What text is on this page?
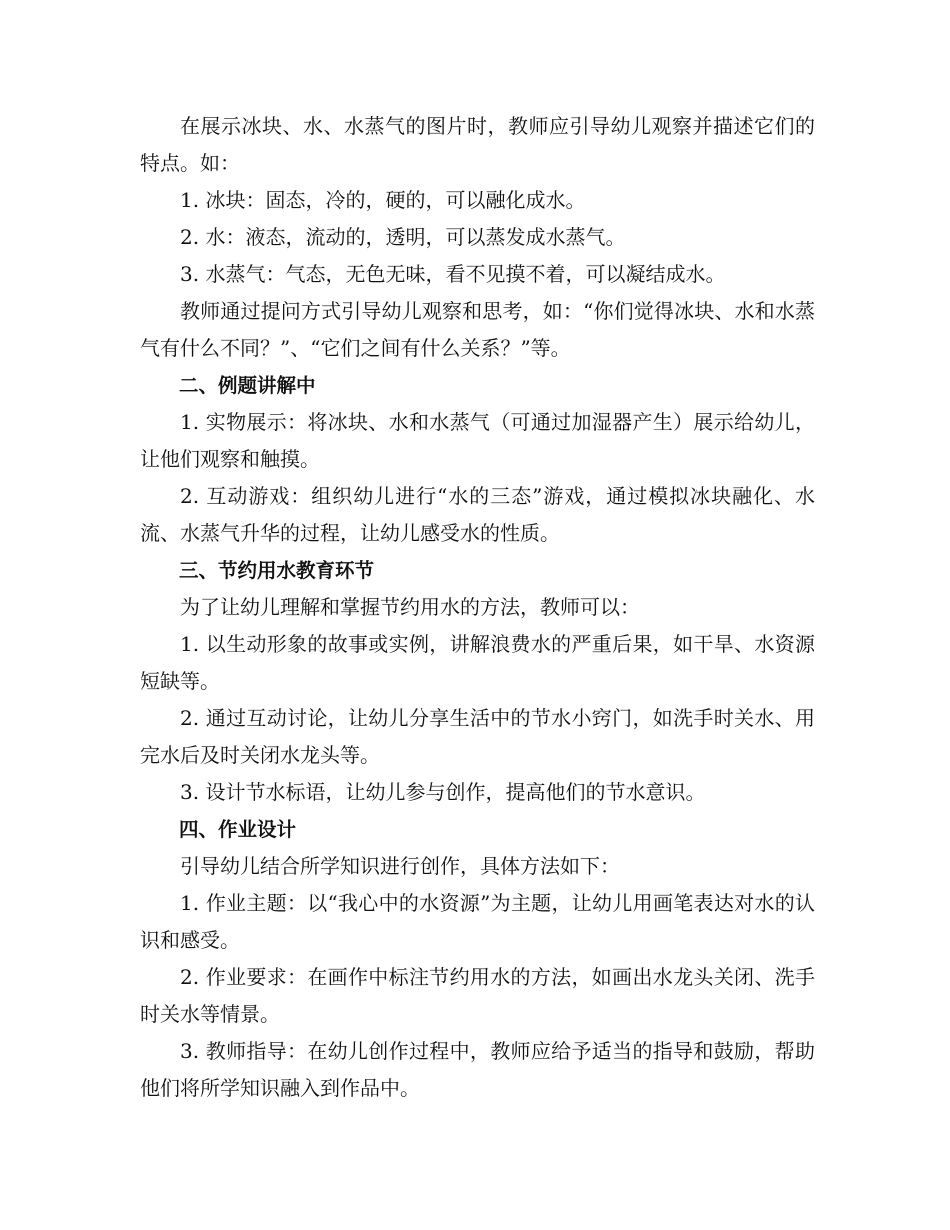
在展示冰块、水、水蒸气的图片时，教师应引导幼儿观察并描述它们的特点。如：

1. 冰块：固态，冷的，硬的，可以融化成水。

2. 水：液态，流动的，透明，可以蒸发成水蒸气。

3. 水蒸气：气态，无色无味，看不见摸不着，可以凝结成水。

教师通过提问方式引导幼儿观察和思考，如：“你们觉得冰块、水和水蒸气有什么不同？”、“它们之间有什么关系？”等。

二、例题讲解中

1. 实物展示：将冰块、水和水蒸气（可通过加湿器产生）展示给幼儿，让他们观察和触摸。

2. 互动游戏：组织幼儿进行“水的三态”游戏，通过模拟冰块融化、水流、水蒸气升华的过程，让幼儿感受水的性质。

三、节约用水教育环节

为了让幼儿理解和掌握节约用水的方法，教师可以：

1. 以生动形象的故事或实例，讲解浪费水的严重后果，如干旱、水资源短缺等。

2. 通过互动讨论，让幼儿分享生活中的节水小窍门，如洗手时关水、用完水后及时关闭水龙头等。

3. 设计节水标语，让幼儿参与创作，提高他们的节水意识。

四、作业设计

引导幼儿结合所学知识进行创作，具体方法如下：

1. 作业主题：以“我心中的水资源”为主题，让幼儿用画笔表达对水的认识和感受。

2. 作业要求：在画作中标注节约用水的方法，如画出水龙头关闭、洗手时关水等情景。

3. 教师指导：在幼儿创作过程中，教师应给予适当的指导和鼓励，帮助他们将所学知识融入到作品中。
